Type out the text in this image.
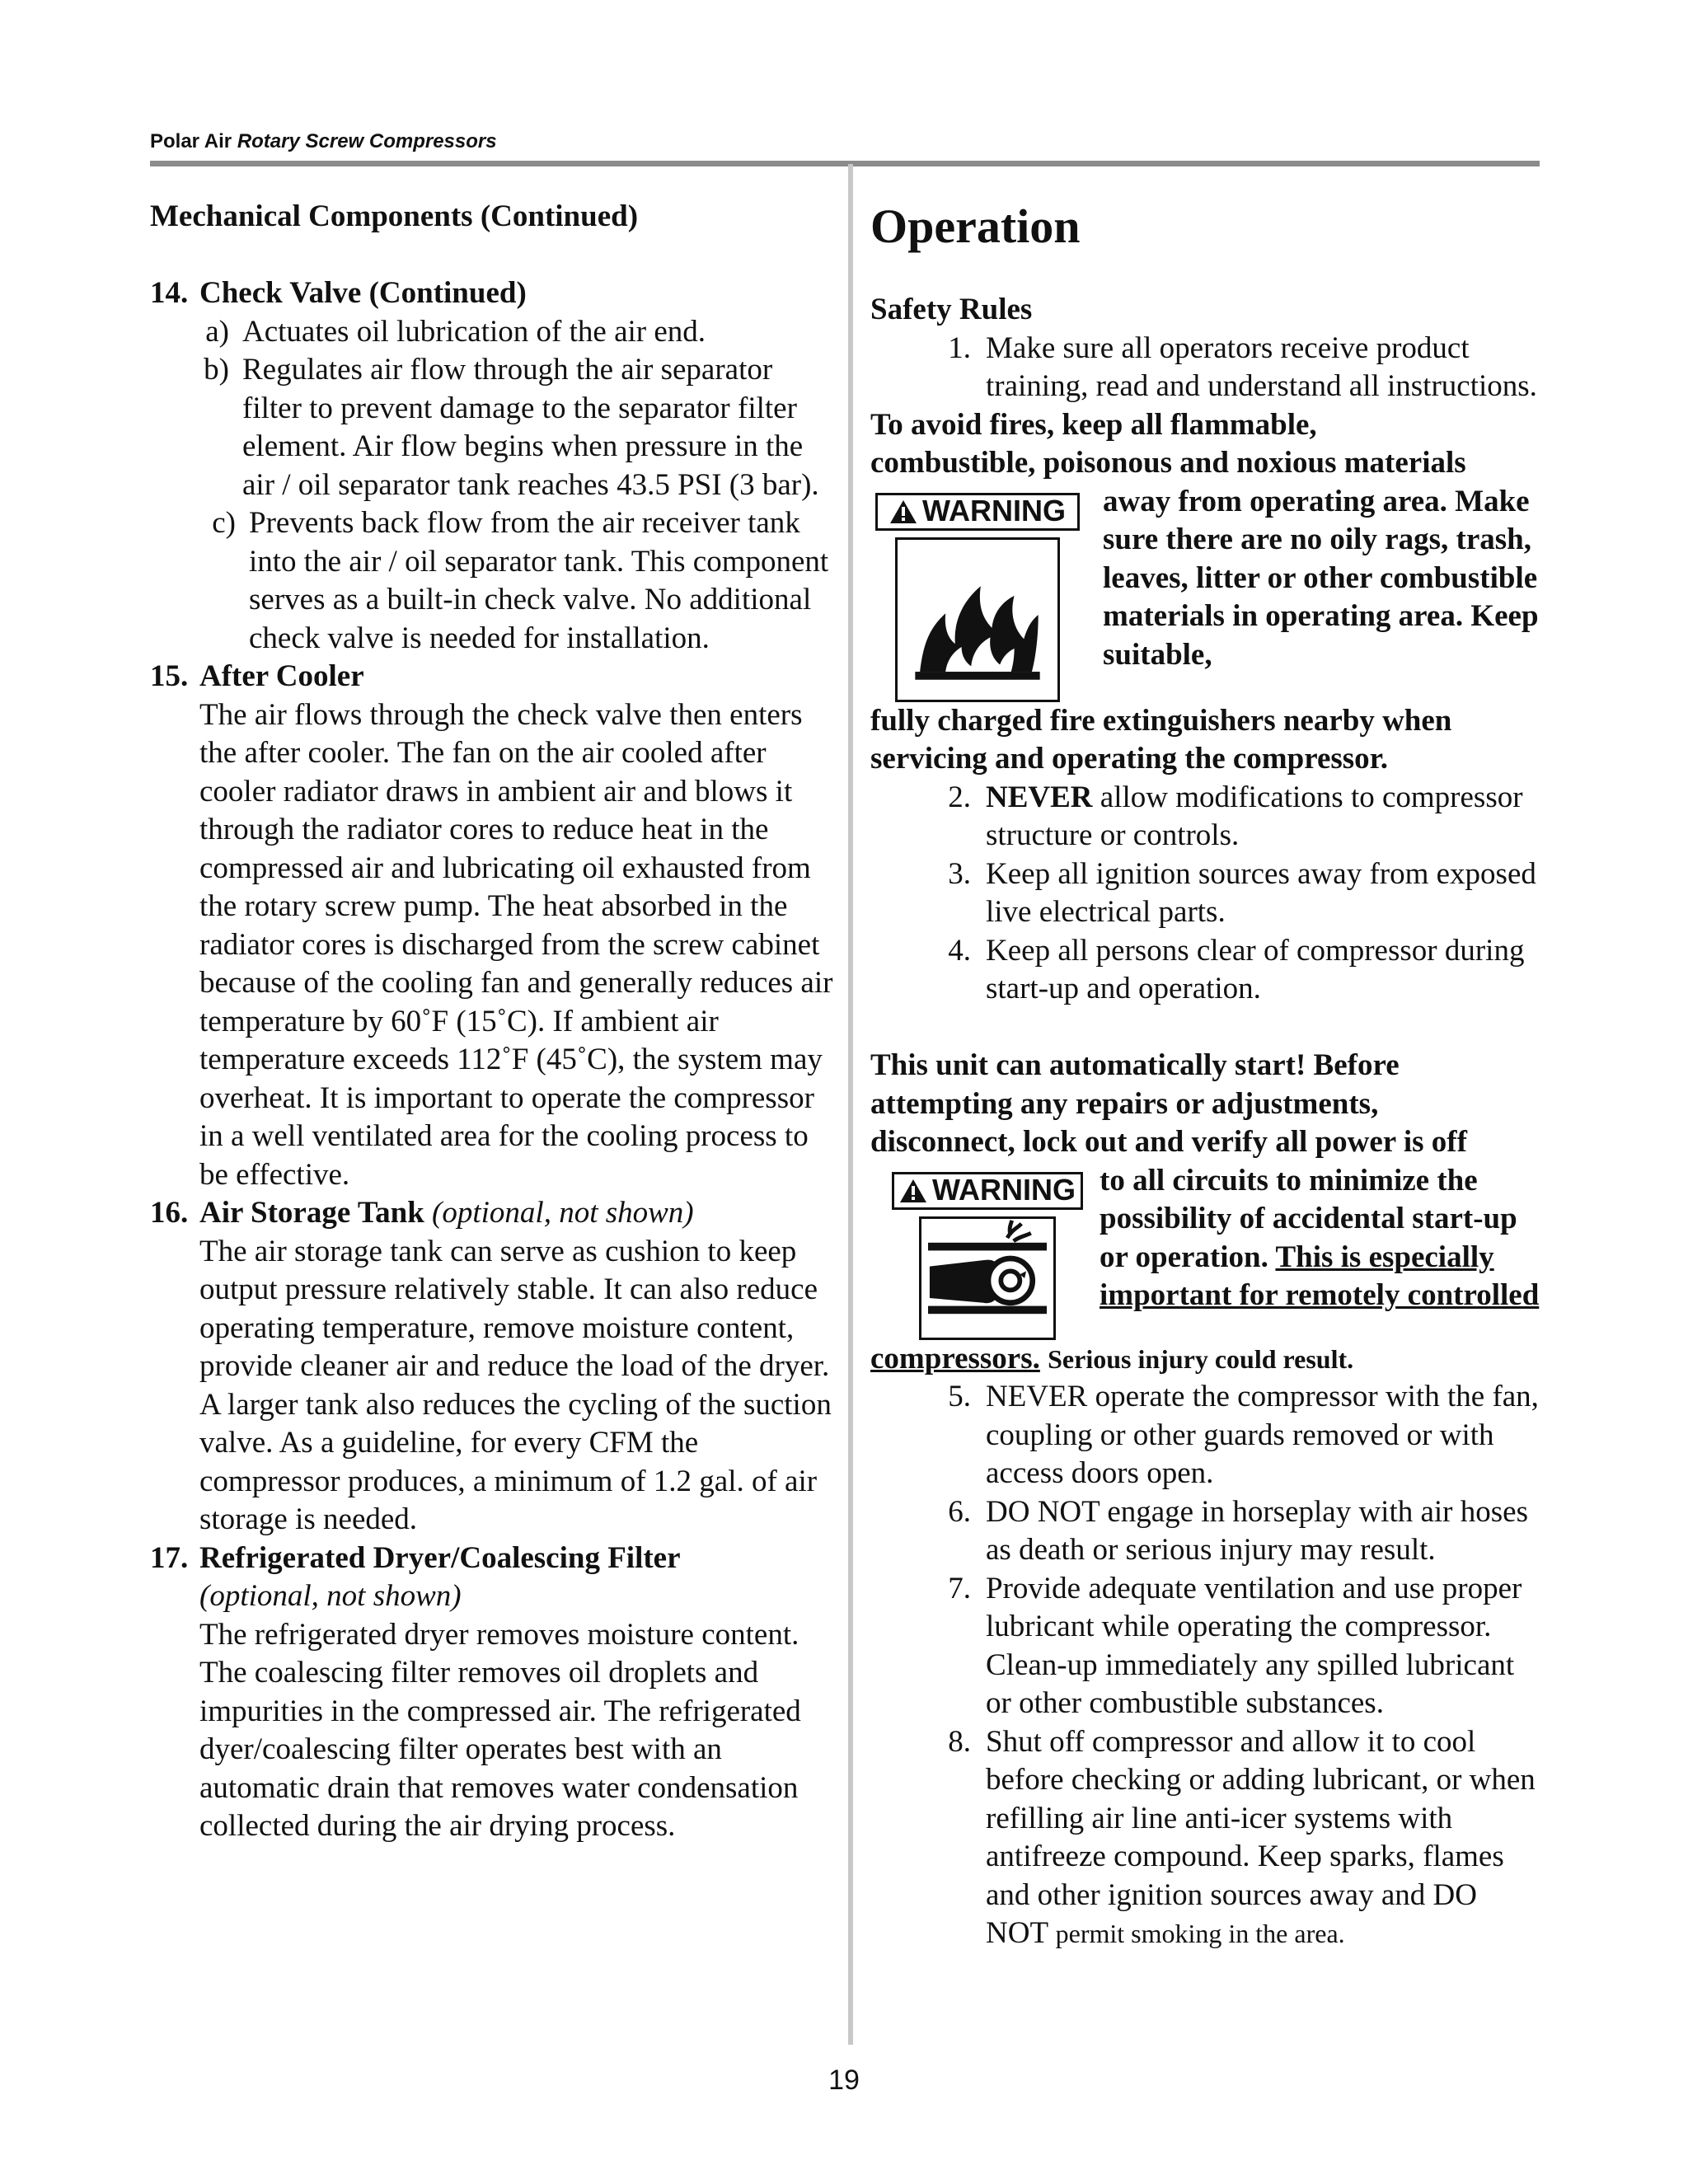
Polar Air Rotary Screw Compressors

Mechanical Components (Continued)

14. Check Valve (Continued)
a) Actuates oil lubrication of the air end.
b) Regulates air flow through the air separator filter to prevent damage to the separator filter element. Air flow begins when pressure in the air / oil separator tank reaches 43.5 PSI (3 bar).
c) Prevents back flow from the air receiver tank into the air / oil separator tank. This component serves as a built-in check valve. No additional check valve is needed for installation.
15. After Cooler

The air flows through the check valve then enters the after cooler. The fan on the air cooled after cooler radiator draws in ambient air and blows it through the radiator cores to reduce heat in the compressed air and lubricating oil exhausted from the rotary screw pump. The heat absorbed in the radiator cores is discharged from the screw cabinet because of the cooling fan and generally reduces air temperature by 60˚F (15˚C). If ambient air temperature exceeds 112˚F (45˚C), the system may overheat. It is important to operate the compressor in a well ventilated area for the cooling process to be effective.

16. Air Storage Tank (optional, not shown)

The air storage tank can serve as cushion to keep output pressure relatively stable. It can also reduce operating temperature, remove moisture content, provide cleaner air and reduce the load of the dryer. A larger tank also reduces the cycling of the suction valve. As a guideline, for every CFM the compressor produces, a minimum of 1.2 gal. of air storage is needed.

17. Refrigerated Dryer/Coalescing Filter

(optional, not shown)

The refrigerated dryer removes moisture content. The coalescing filter removes oil droplets and impurities in the compressed air. The refrigerated dyer/coalescing filter operates best with an automatic drain that removes water condensation collected during the air drying process.

Operation

Safety Rules

1. Make sure all operators receive product training, read and understand all instructions.

To avoid fires, keep all flammable,

combustible, poisonous and noxious materials

WARNING	away from operating area. Make sure there are no oily rags, trash, leaves, litter or other combustible materials in operating area. Keep suitable,

fully charged fire extinguishers nearby when servicing and operating the compressor.

2. NEVER allow modifications to compressor structure or controls.
3. Keep all ignition sources away from exposed live electrical parts.
4. Keep all persons clear of compressor during start-up and operation.

This unit can automatically start! Before

attempting any repairs or adjustments,

disconnect, lock out and verify all power is off

WARNING to all circuits to minimize the possibility of accidental start-up or operation. This is especially important for remotely controlled

compressors. Serious injury could result.

5. NEVER operate the compressor with the fan, coupling or other guards removed or with access doors open.
6. DO NOT engage in horseplay with air hoses as death or serious injury may result.
7. Provide adequate ventilation and use proper lubricant while operating the compressor. Clean-up immediately any spilled lubricant or other combustible substances.
8. Shut off compressor and allow it to cool before checking or adding lubricant, or when refilling air line anti-icer systems with antifreeze compound. Keep sparks, flames and other ignition sources away and DO NOT permit smoking in the area.
19
